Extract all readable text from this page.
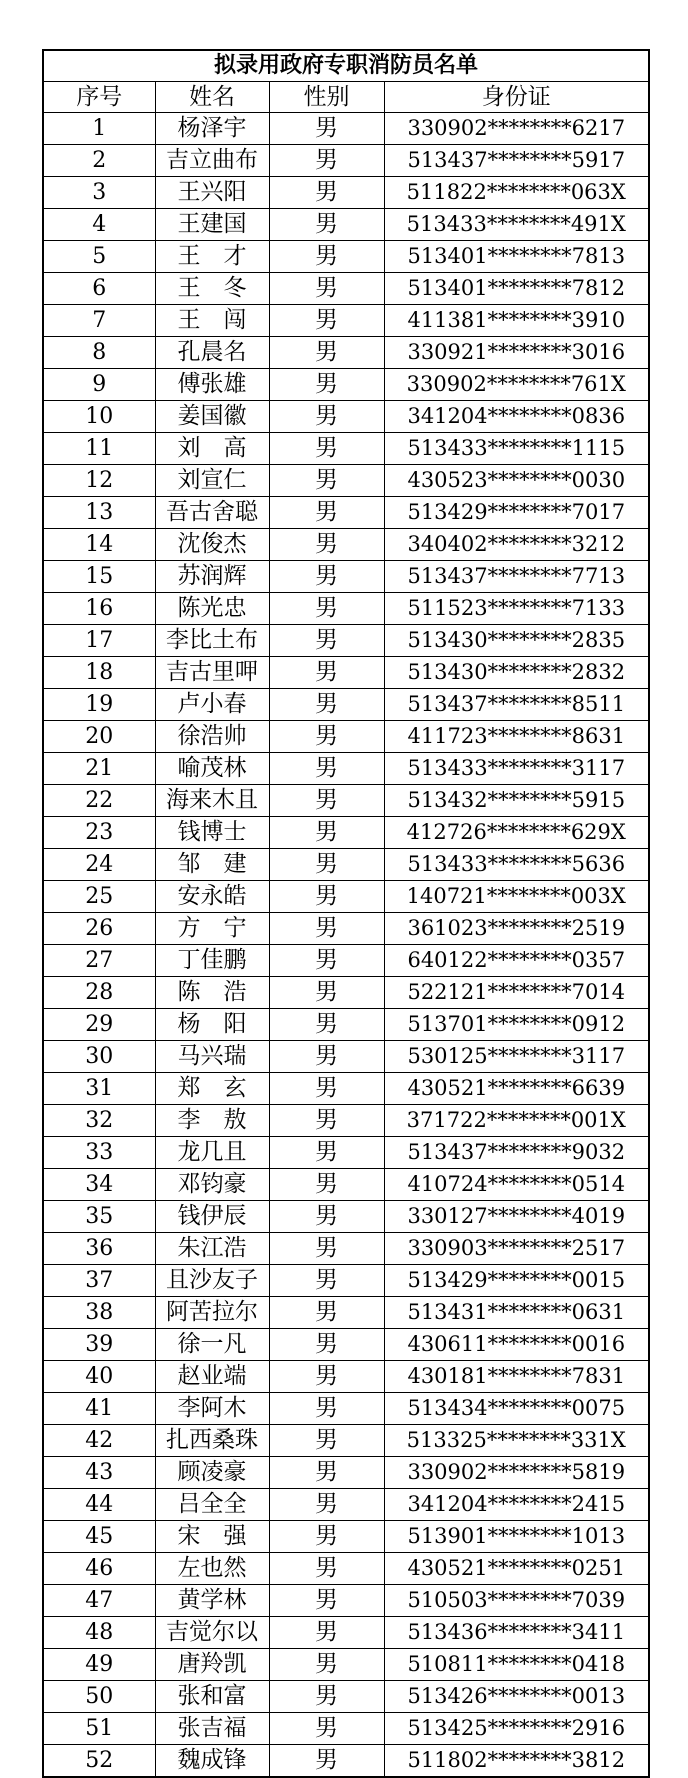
拟录用政府专职消防员名单			
序号	姓名	性别	身份证
1	杨泽宇	男	330902********6217
2	吉立曲布	男	513437********5917
3	王兴阳	男	511822********063X
4	王建国	男	513433********491X
5	王　才	男	513401********7813
6	王　冬	男	513401********7812
7	王　闯	男	411381********3910
8	孔晨名	男	330921********3016
9	傅张雄	男	330902********761X
10	姜国徽	男	341204********0836
11	刘　高	男	513433********1115
12	刘宣仁	男	430523********0030
13	吾古舍聪	男	513429********7017
14	沈俊杰	男	340402********3212
15	苏润辉	男	513437********7713
16	陈光忠	男	511523********7133
17	李比土布	男	513430********2835
18	吉古里呷	男	513430********2832
19	卢小春	男	513437********8511
20	徐浩帅	男	411723********8631
21	喻茂林	男	513433********3117
22	海来木且	男	513432********5915
23	钱博士	男	412726********629X
24	邹　建	男	513433********5636
25	安永皓	男	140721********003X
26	方　宁	男	361023********2519
27	丁佳鹏	男	640122********0357
28	陈　浩	男	522121********7014
29	杨　阳	男	513701********0912
30	马兴瑞	男	530125********3117
31	郑　玄	男	430521********6639
32	李　敖	男	371722********001X
33	龙几且	男	513437********9032
34	邓钧豪	男	410724********0514
35	钱伊辰	男	330127********4019
36	朱江浩	男	330903********2517
37	且沙友子	男	513429********0015
38	阿苦拉尔	男	513431********0631
39	徐一凡	男	430611********0016
40	赵业端	男	430181********7831
41	李阿木	男	513434********0075
42	扎西桑珠	男	513325********331X
43	顾凌豪	男	330902********5819
44	吕全全	男	341204********2415
45	宋　强	男	513901********1013
46	左也然	男	430521********0251
47	黄学林	男	510503********7039
48	吉觉尔以	男	513436********3411
49	唐羚凯	男	510811********0418
50	张和富	男	513426********0013
51	张吉福	男	513425********2916
52	魏成锋	男	511802********3812
